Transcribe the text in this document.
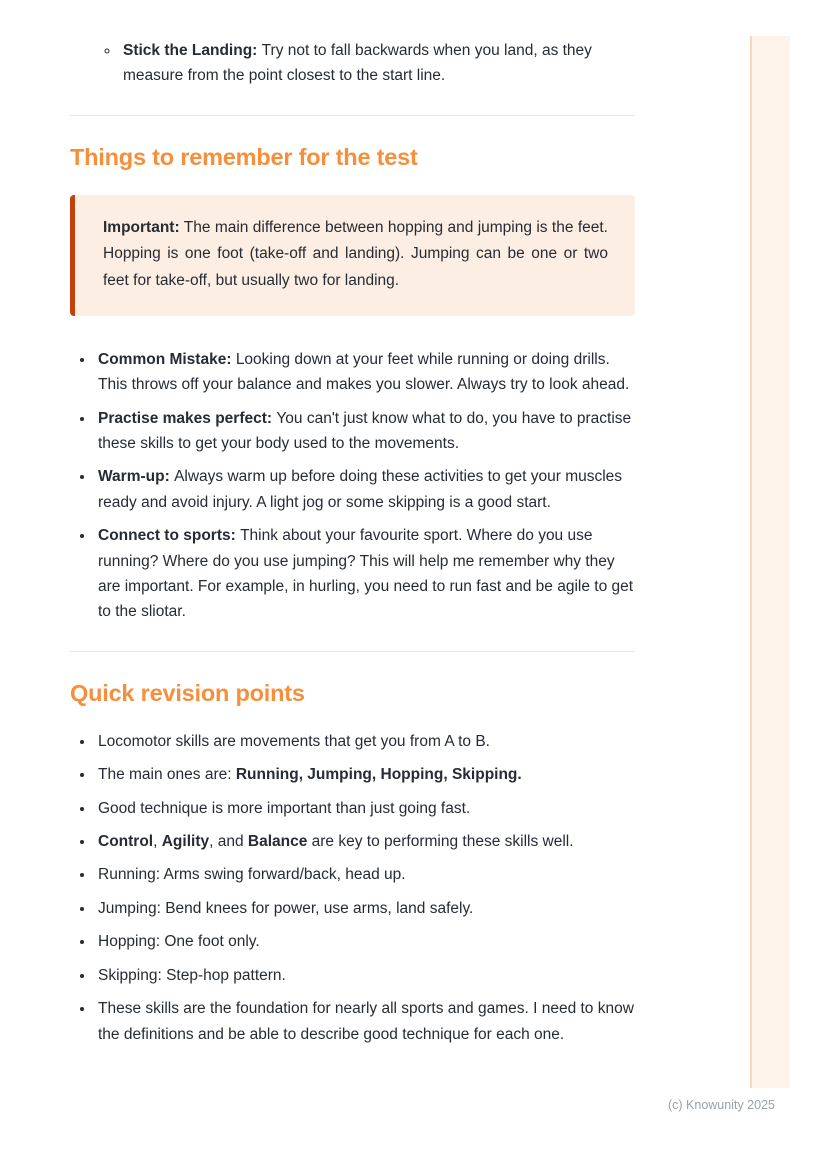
◦ Stick the Landing: Try not to fall backwards when you land, as they measure from the point closest to the start line.
Things to remember for the test

Important: The main difference between hopping and jumping is the feet. Hopping is one foot (take-off and landing). Jumping can be one or two feet for take-off, but usually two for landing.

• Common Mistake: Looking down at your feet while running or doing drills. This throws off your balance and makes you slower. Always try to look ahead.
• Practise makes perfect: You can't just know what to do, you have to practise these skills to get your body used to the movements.
• Warm-up: Always warm up before doing these activities to get your muscles ready and avoid injury. A light jog or some skipping is a good start.
• Connect to sports: Think about your favourite sport. Where do you use running? Where do you use jumping? This will help me remember why they are important. For example, in hurling, you need to run fast and be agile to get to the sliotar.
Quick revision points
• Locomotor skills are movements that get you from A to B.
• The main ones are: Running, Jumping, Hopping, Skipping.
• Good technique is more important than just going fast.
• Control, Agility, and Balance are key to performing these skills well.
• Running: Arms swing forward/back, head up.
• Jumping: Bend knees for power, use arms, land safely.
• Hopping: One foot only.
• Skipping: Step-hop pattern.
• These skills are the foundation for nearly all sports and games. I need to know the definitions and be able to describe good technique for each one.
(c) Knowunity 2025
